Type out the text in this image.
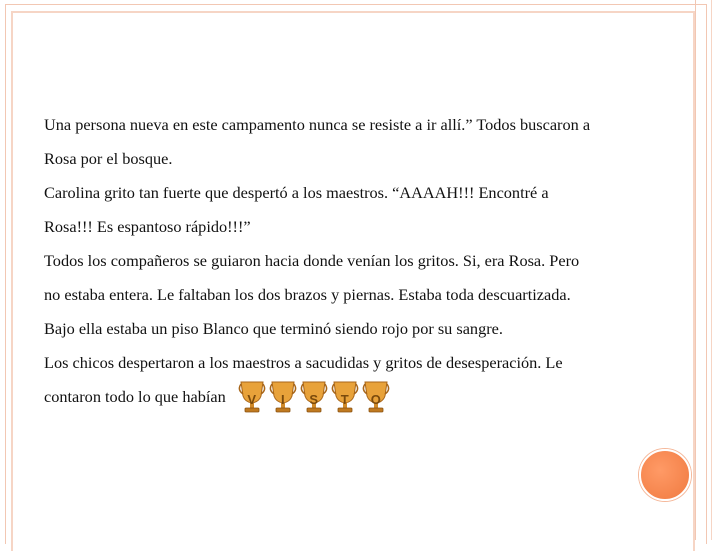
Una persona nueva en este campamento nunca se resiste a ir allí.” Todos buscaron a
Rosa por el bosque.

Carolina grito tan fuerte que despertó a los maestros. “AAAAH!!! Encontré a
Rosa!!! Es espantoso rápido!!!”

Todos los compañeros se guiaron hacia donde venían los gritos. Si, era Rosa. Pero
no estaba entera. Le faltaban los dos brazos y piernas. Estaba toda descuartizada.
Bajo ella estaba un piso Blanco que terminó siendo rojo por su sangre.

Los chicos despertaron a los maestros a sacudidas y gritos de desesperación. Le

contaron todo lo que habían	V	I	S	T	O
